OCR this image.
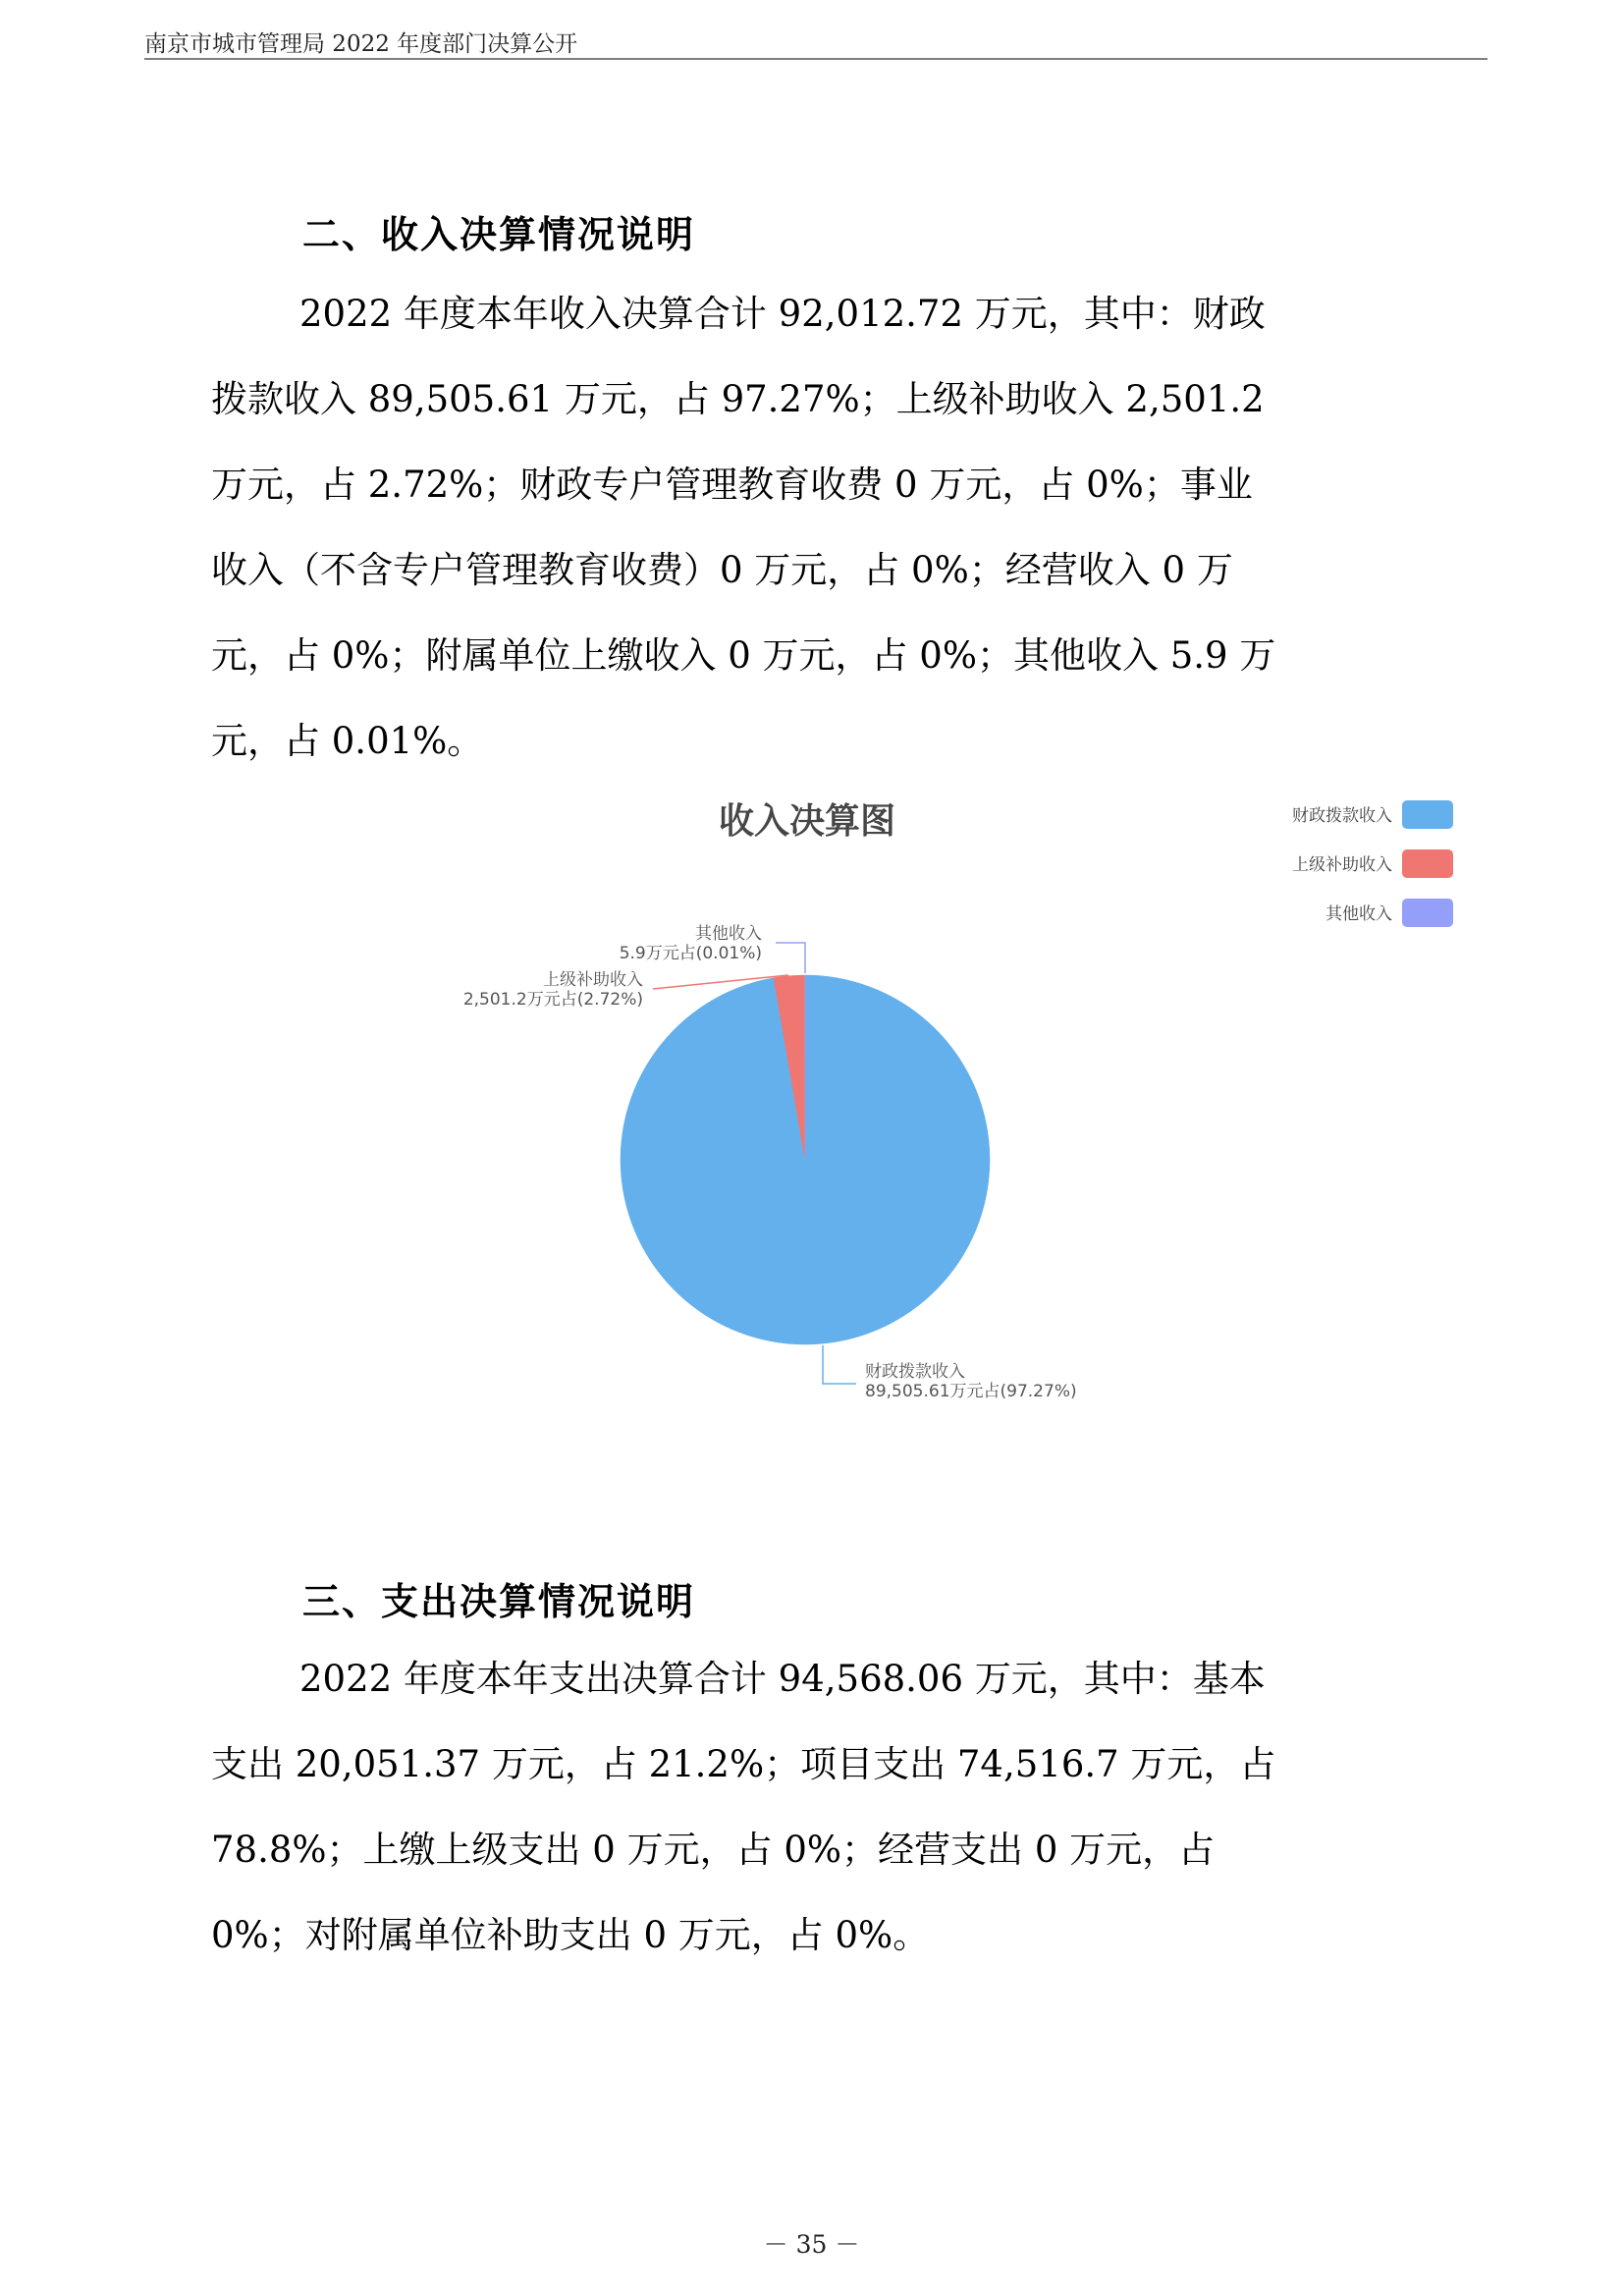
南京市城市管理局 2022 年度部门决算公开
二、收入决算情况说明
2022 年度本年收入决算合计 92,012.72 万元，其中：财政
拨款收入 89,505.61 万元，占 97.27%；上级补助收入 2,501.2
万元，占 2.72%；财政专户管理教育收费 0 万元，占 0%；事业
收入（不含专户管理教育收费）0 万元，占 0%；经营收入 0 万
元，占 0%；附属单位上缴收入 0 万元，占 0%；其他收入 5.9 万
元，占 0.01%。
收入决算图	财政拨款收入
上级补助收入
其他收入
财政拨款收入
89,505.61万元占(97.27%)
上级补助收入
2,501.2万元占(2.72%)
其他收入
5.9万元占(0.01%)
三、支出决算情况说明
2022 年度本年支出决算合计 94,568.06 万元，其中：基本
支出 20,051.37 万元，占 21.2%；项目支出 74,516.7 万元，占
78.8%；上缴上级支出 0 万元，占 0%；经营支出 0 万元，占
0%；对附属单位补助支出 0 万元，占 0%。
－ 35 －
